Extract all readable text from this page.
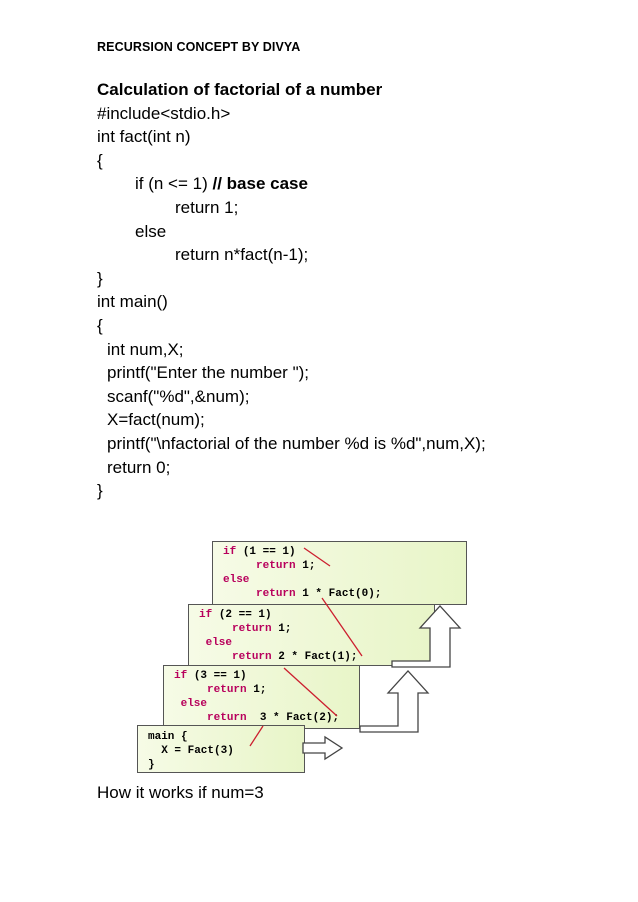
RECURSION CONCEPT BY DIVYA
Calculation of factorial of a number
#include<stdio.h>
int fact(int n)
{
if (n <= 1) // base case
return 1;
else
return n*fact(n-1);
}
int main()
{
int num,X;
printf("Enter the number ");
scanf("%d",&num);
X=fact(num);
printf("\nfactorial of the number %d is %d",num,X);
return 0;
}
if (1 == 1)
return 1;
else
return 1 * Fact(0);
if (2 == 1)
return 1;
else
return 2 * Fact(1);
if (3 == 1)
return 1;
else
return 3 * Fact(2);
main {
X = Fact(3)
}
How it works if num=3
